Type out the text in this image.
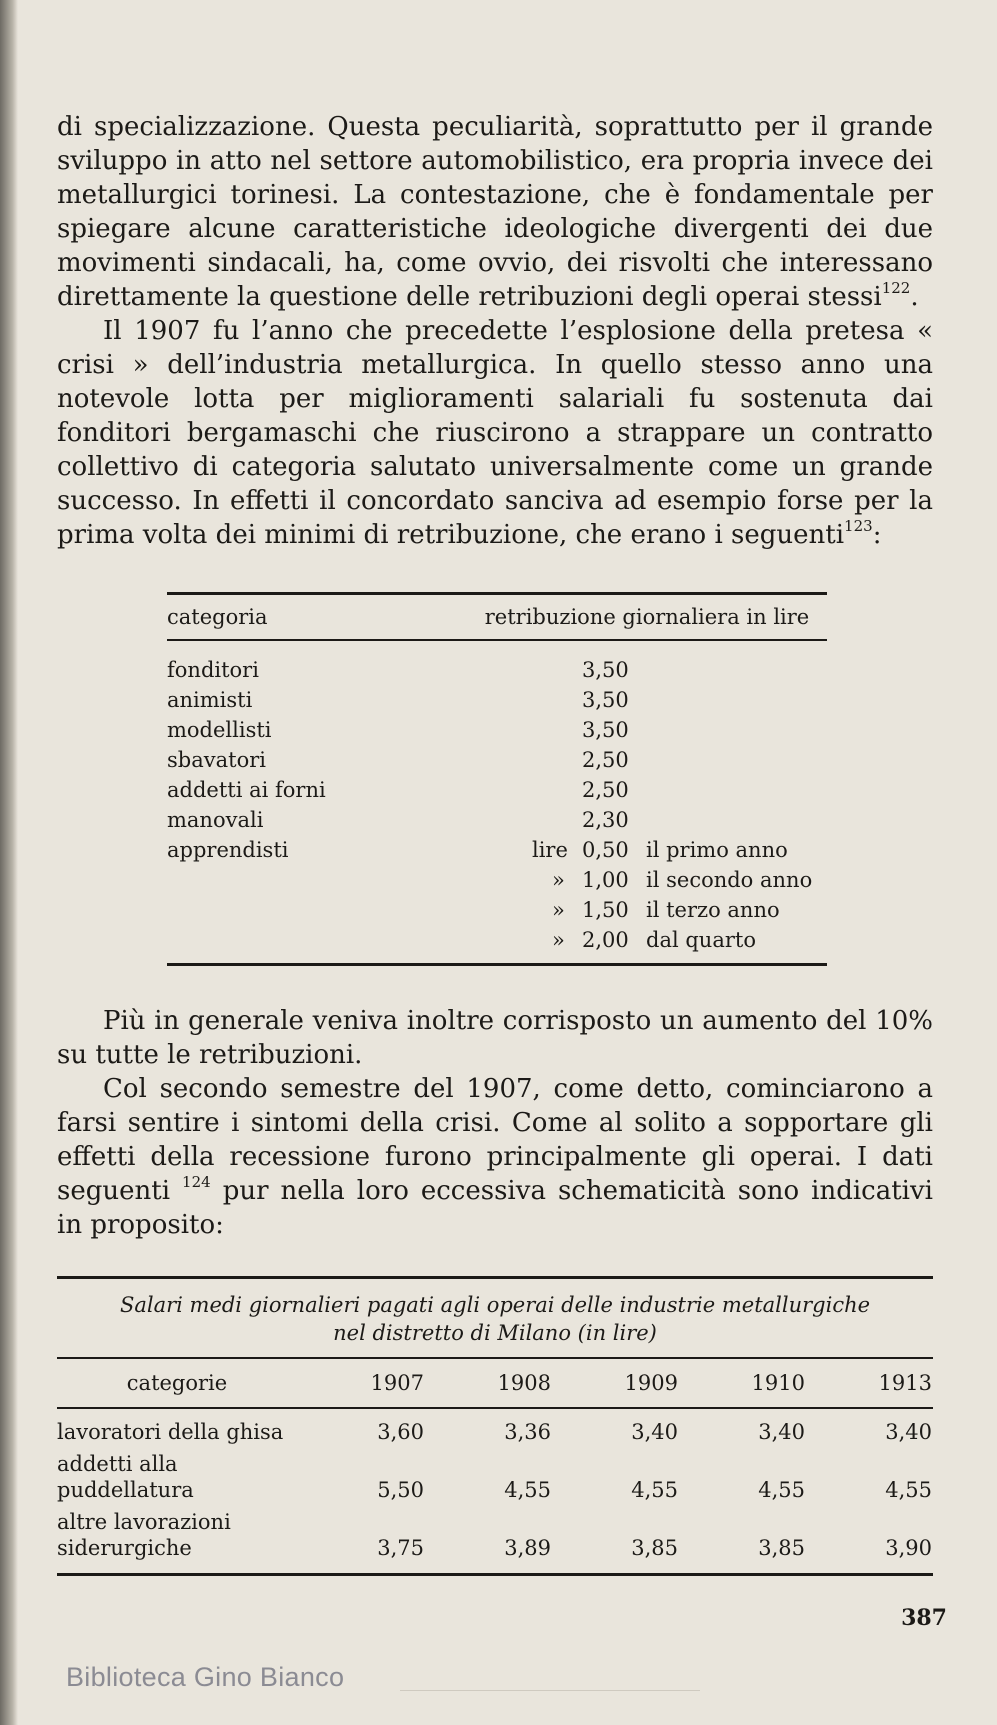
di specializzazione. Questa peculiarità, soprattutto per il grande sviluppo in atto nel settore automobilistico, era propria invece dei metallurgici torinesi. La contestazione, che è fondamentale per spiegare alcune caratteristiche ideologiche divergenti dei due movimenti sindacali, ha, come ovvio, dei risvolti che interessano direttamente la questione delle retribuzioni degli operai stessi$^{122}$.

Il 1907 fu l’anno che precedette l’esplosione della pretesa « crisi » dell’industria metallurgica. In quello stesso anno una notevole lotta per miglioramenti salariali fu sostenuta dai fonditori bergamaschi che riuscirono a strappare un contratto collettivo di categoria salutato universalmente come un grande successo. In effetti il concordato sanciva ad esempio forse per la prima volta dei minimi di retribuzione, che erano i seguenti$^{123}$:

categoria	retribuzione giornaliera in lire
fonditori	3,50
animisti	3,50
modellisti	3,50
sbavatori	2,50
addetti ai forni	2,50
manovali	2,30
apprendisti	lire 0,50 il primo anno
» 1,00 il secondo anno
» 1,50 il terzo anno
» 2,00 dal quarto

Più in generale veniva inoltre corrisposto un aumento del 10% su tutte le retribuzioni.

Col secondo semestre del 1907, come detto, cominciarono a farsi sentire i sintomi della crisi. Come al solito a sopportare gli effetti della recessione furono principalmente gli operai. I dati seguenti $^{124}$ pur nella loro eccessiva schematicità sono indicativi in proposito:

Salari medi giornalieri pagati agli operai delle industrie metallurgiche
nel distretto di Milano (in lire)
categorie	1907	1908	1909	1910	1913
lavoratori della ghisa	3,60	3,36	3,40	3,40	3,40
addetti alla
puddellatura	5,50	4,55	4,55	4,55	4,55
altre lavorazioni
siderurgiche	3,75	3,89	3,85	3,85	3,90
387
Biblioteca Gino Bianco
